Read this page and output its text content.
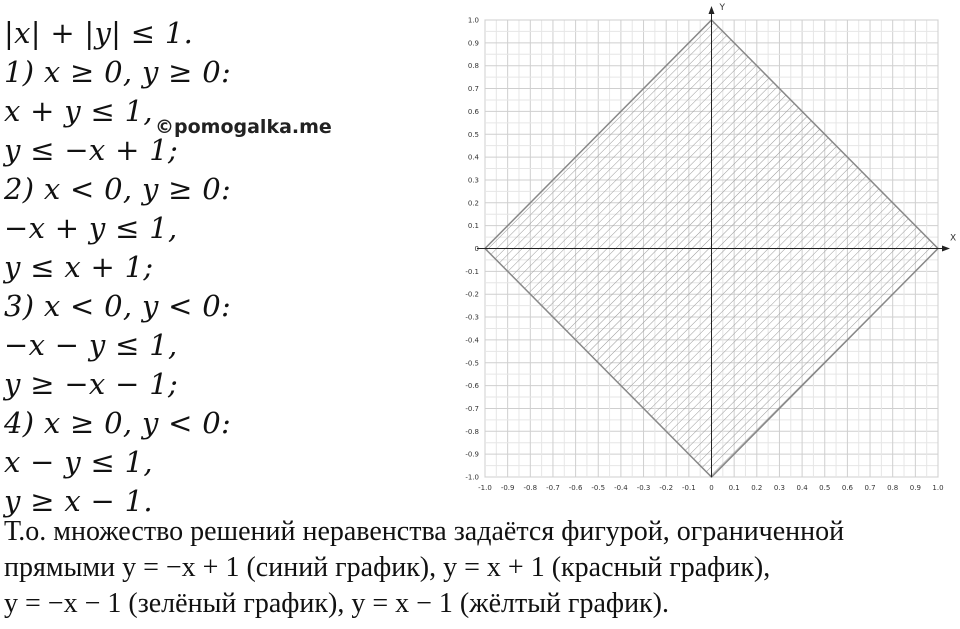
|x| + |y| ≤ 1.
1) x ≥ 0, y ≥ 0:
x + y ≤ 1,
y ≤ −x + 1;
2) x < 0, y ≥ 0:
−x + y ≤ 1,
y ≤ x + 1;
3) x < 0, y < 0:
−x − y ≤ 1,
y ≥ −x − 1;
4) x ≥ 0, y < 0:
x − y ≤ 1,
y ≥ x − 1.
©pomogalka.me
X
Y
-1.0 -0.9 -0.8 -0.7 -0.6 -0.5 -0.4 -0.3 -0.2 -0.1 0 0.1 0.2 0.3 0.4 0.5 0.6 0.7 0.8 0.9 1.0
1.0
0.9
0.8
0.7
0.6
0.5
0.4
0.3
0.2
0.1
0
-0.1
-0.2
-0.3
-0.4
-0.5
-0.6
-0.7
-0.8
-0.9
-1.0
Т.о. множество решений неравенства задаётся фигурой, ограниченной
прямыми y = −x + 1 (синий график), y = x + 1 (красный график),
y = −x − 1 (зелёный график), y = x − 1 (жёлтый график).
